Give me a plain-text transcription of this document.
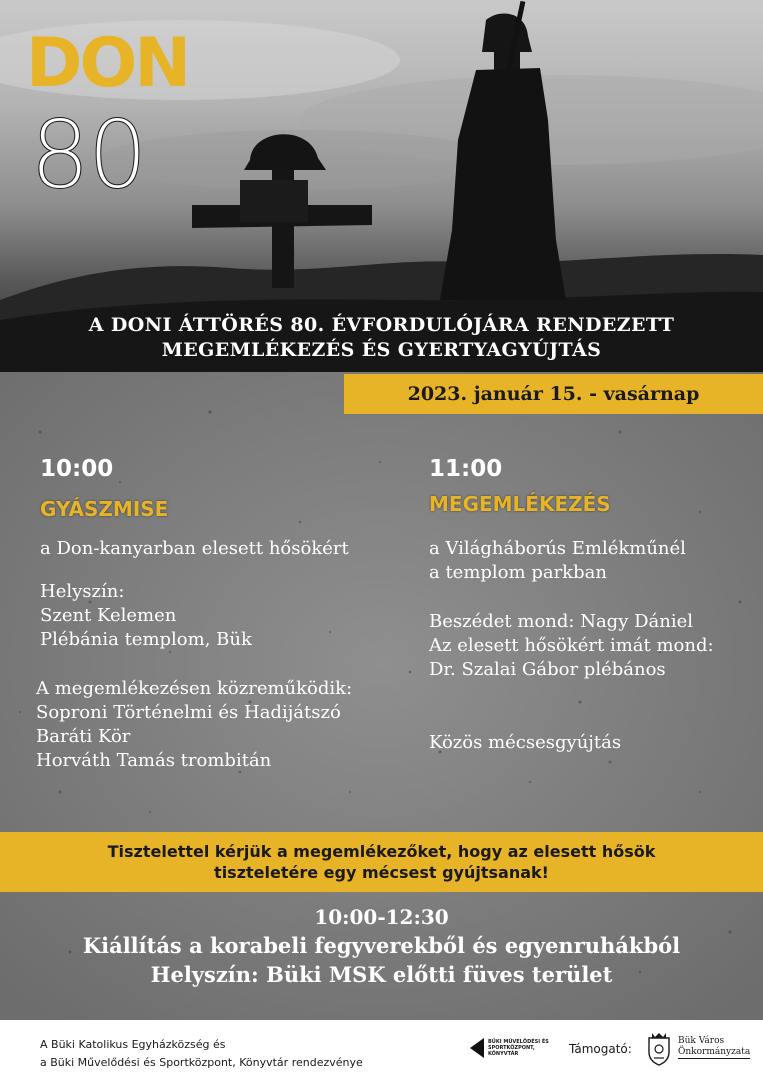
DON
80
A DONI ÁTTÖRÉS 80. ÉVFORDULÓJÁRA RENDEZETT
MEGEMLÉKEZÉS ÉS GYERTYAGYÚJTÁS
2023. január 15. - vasárnap
10:00
GYÁSZMISE
a Don-kanyarban elesett hősökért
Helyszín:
Szent Kelemen
Plébánia templom, Bük
A megemlékezésen közreműködik:
Soproni Történelmi és Hadijátszó
Baráti Kör
Horváth Tamás trombitán
11:00
MEGEMLÉKEZÉS
a Világháborús Emlékműnél
a templom parkban
Beszédet mond: Nagy Dániel
Az elesett hősökért imát mond:
Dr. Szalai Gábor plébános
Közös mécsesgyújtás
Tisztelettel kérjük a megemlékezőket, hogy az elesett hősök
tiszteletére egy mécsest gyújtsanak!
10:00-12:30
Kiállítás a korabeli fegyverekből és egyenruhákból
Helyszín: Büki MSK előtti füves terület
A Büki Katolikus Egyházközség és
a Büki Művelődési és Sportközpont, Könyvtár rendezvénye
BÜKI MŰVELŐDÉSI ÉS SPORTKÖZPONT, KÖNYVTÁR	Támogató:
Bük Város
Önkormányzata
